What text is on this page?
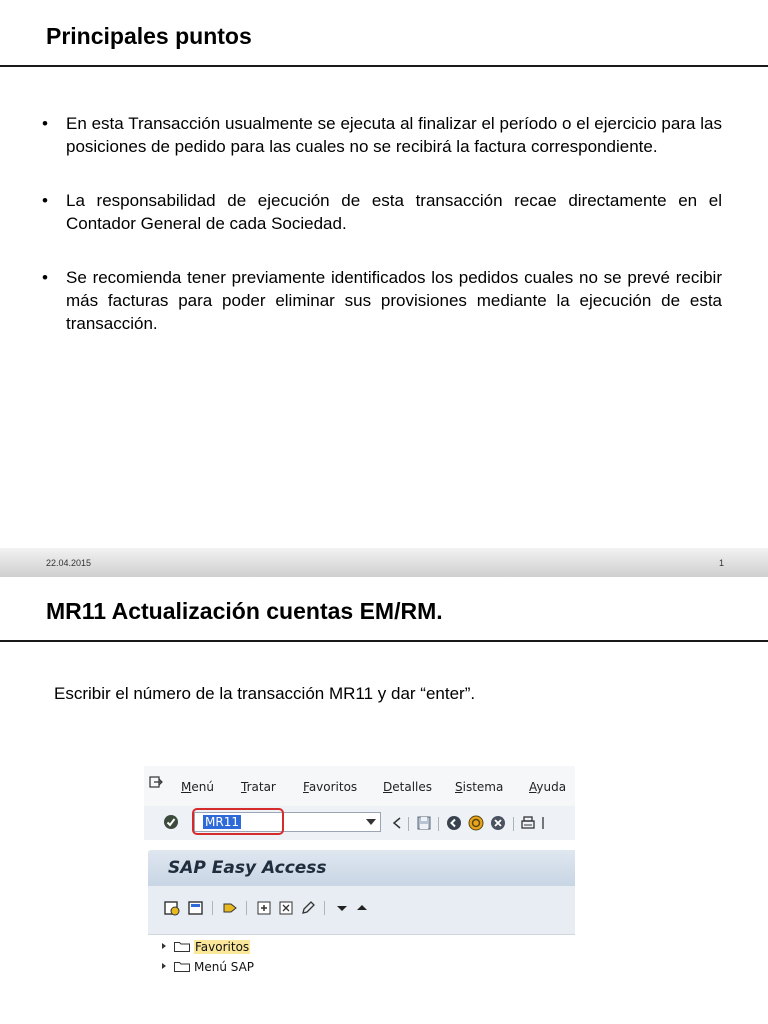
Principales puntos
• En esta Transacción usualmente se ejecuta al finalizar el período o el ejercicio para las posiciones de pedido para las cuales no se recibirá la factura correspondiente.
• La responsabilidad de ejecución de esta transacción recae directamente en el Contador General de cada Sociedad.
• Se recomienda tener previamente identificados los pedidos cuales no se prevé recibir más facturas para poder eliminar sus provisiones mediante la ejecución de esta transacción.
22.04.2015	1
MR11 Actualización cuentas EM/RM.
Escribir el número de la transacción MR11 y dar “enter”.
Menú Tratar Favoritos Detalles Sistema Ayuda
MR11
SAP Easy Access
Favoritos
Menú SAP
